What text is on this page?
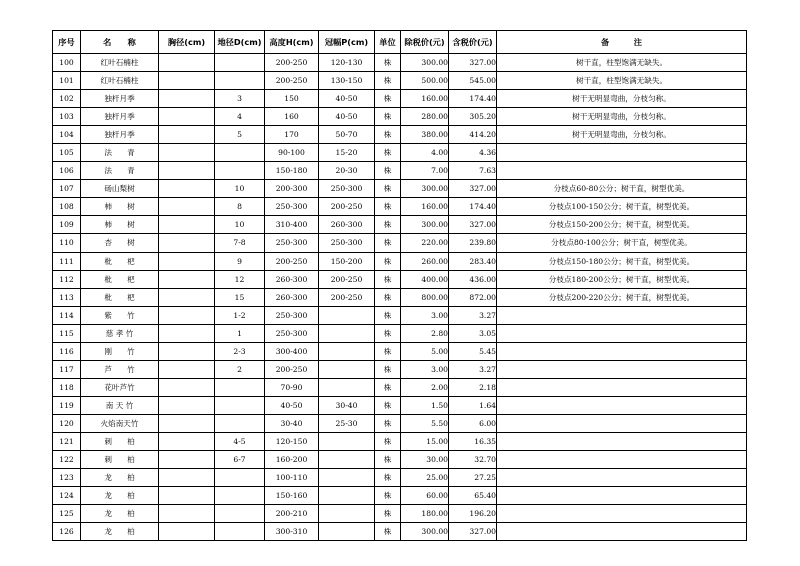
序号	名　　称	胸径(cm)	地径D(cm)	高度H(cm)	冠幅P(cm)	单位	除税价(元)	含税价(元)	备　　　注
100	红叶石楠柱			200-250	120-130	株	300.00	327.00	树干直，柱型饱满无缺失。
101	红叶石楠柱			200-250	130-150	株	500.00	545.00	树干直，柱型饱满无缺失。
102	独杆月季		3	150	40-50	株	160.00	174.40	树干无明显弯曲，分枝匀称。
103	独杆月季		4	160	40-50	株	280.00	305.20	树干无明显弯曲，分枝匀称。
104	独杆月季		5	170	50-70	株	380.00	414.20	树干无明显弯曲，分枝匀称。
105	法　　青			90-100	15-20	株	4.00	4.36	
106	法　　青			150-180	20-30	株	7.00	7.63	
107	砀山梨树		10	200-300	250-300	株	300.00	327.00	分枝点60-80公分；树干直，树型优美。
108	柿　　树		8	250-300	200-250	株	160.00	174.40	分枝点100-150公分；树干直，树型优美。
109	柿　　树		10	310-400	260-300	株	300.00	327.00	分枝点150-200公分；树干直，树型优美。
110	杏　　树		7-8	250-300	250-300	株	220.00	239.80	分枝点80-100公分；树干直，树型优美。
111	枇　　杷		9	200-250	150-200	株	260.00	283.40	分枝点150-180公分；树干直，树型优美。
112	枇　　杷		12	260-300	200-250	株	400.00	436.00	分枝点180-200公分；树干直，树型优美。
113	枇　　杷		15	260-300	200-250	株	800.00	872.00	分枝点200-220公分；树干直，树型优美。
114	紫　　竹		1-2	250-300		株	3.00	3.27	
115	慈 孝 竹		1	250-300		株	2.80	3.05	
116	刚　　竹		2-3	300-400		株	5.00	5.45	
117	芦　　竹		2	200-250		株	3.00	3.27	
118	花叶芦竹			70-90		株	2.00	2.18	
119	南 天 竹			40-50	30-40	株	1.50	1.64	
120	火焰南天竹			30-40	25-30	株	5.50	6.00	
121	刺　　柏		4-5	120-150		株	15.00	16.35	
122	刺　　柏		6-7	160-200		株	30.00	32.70	
123	龙　　柏			100-110		株	25.00	27.25	
124	龙　　柏			150-160		株	60.00	65.40	
125	龙　　柏			200-210		株	180.00	196.20	
126	龙　　柏			300-310		株	300.00	327.00	
